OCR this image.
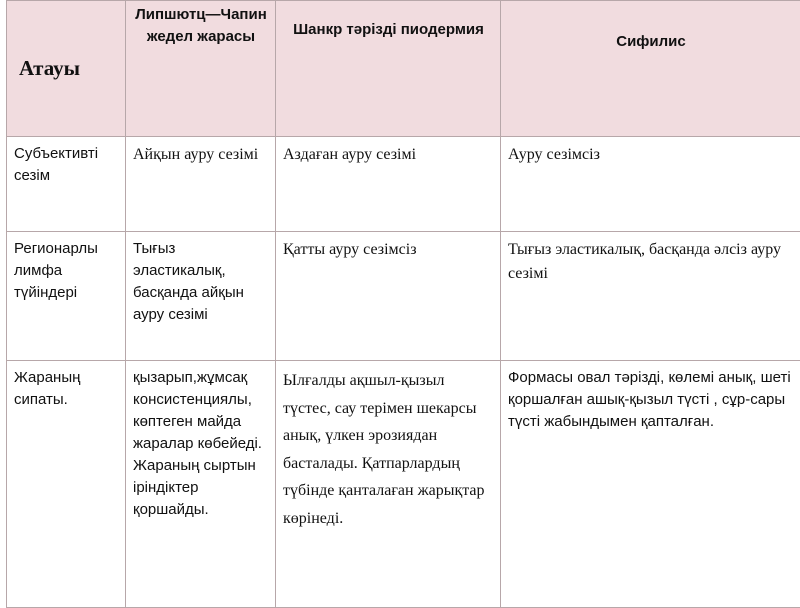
Атауы	Липшютц—Чапин жедел жарасы	Шанкр тәрізді пиодермия	Сифилис
Субъективті сезім	Айқын ауру сезімі	Аздаған ауру сезімі	Ауру сезімсіз
Регионарлы лимфа түйіндері	Тығыз эластикалық, басқанда айқын ауру сезімі	Қатты ауру сезімсіз	Тығыз эластикалық, басқанда әлсіз ауру сезімі
Жараның сипаты.	қызарып,жұмсақ консистенциялы, көптеген майда жаралар көбейеді. Жараның сыртын іріндіктер қоршайды.	Ылғалды ақшыл-қызыл түстес, сау терімен шекарсы анық, үлкен эрозиядан басталады. Қатпарлардың түбінде қанталаған жарықтар көрінеді.	Формасы овал тәрізді, көлемі анық, шеті қоршалған ашық-қызыл түсті , сұр-сары түсті жабындымен қапталған.
